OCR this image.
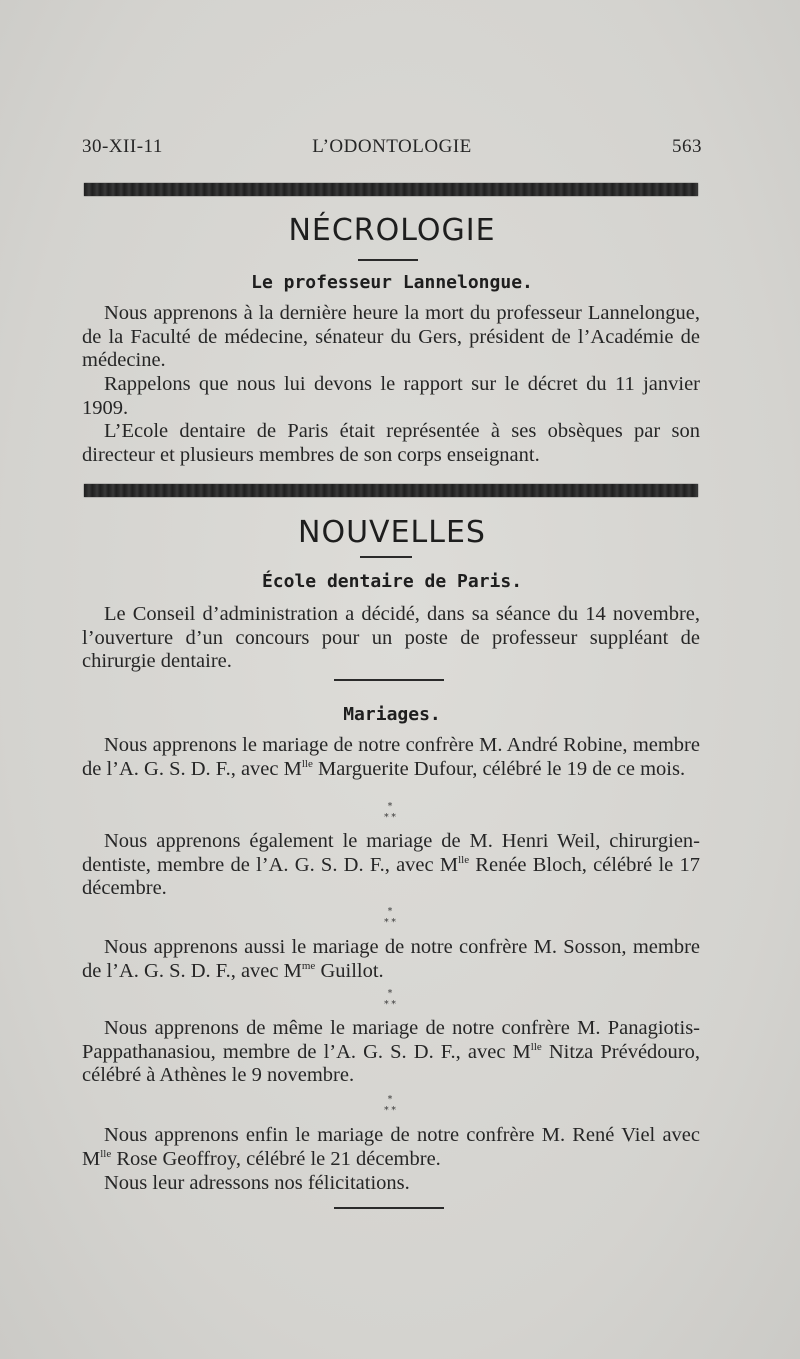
30-XII-11	L’ODONTOLOGIE	563
NÉCROLOGIE
Le professeur Lannelongue.
Nous apprenons à la dernière heure la mort du professeur Lannelongue, de la Faculté de médecine, sénateur du Gers, président de l’Académie de médecine.
Rappelons que nous lui devons le rapport sur le décret du 11 janvier 1909.
L’Ecole dentaire de Paris était représentée à ses obsèques par son directeur et plusieurs membres de son corps enseignant.
NOUVELLES
École dentaire de Paris.
Le Conseil d’administration a décidé, dans sa séance du 14 novembre, l’ouverture d’un concours pour un poste de professeur suppléant de chirurgie dentaire.
Mariages.
Nous apprenons le mariage de notre confrère M. André Robine, membre de l’A. G. S. D. F., avec $M^{lle}$ Marguerite Dufour, célébré le 19 de ce mois.
*
* *
Nous apprenons également le mariage de M. Henri Weil, chirurgien-dentiste, membre de l’A. G. S. D. F., avec $M^{lle}$ Renée Bloch, célébré le 17 décembre.
*
* *
Nous apprenons aussi le mariage de notre confrère M. Sosson, membre de l’A. G. S. D. F., avec $M^{me}$ Guillot.
*
* *
Nous apprenons de même le mariage de notre confrère M. Panagiotis-Pappathanasiou, membre de l’A. G. S. D. F., avec $M^{lle}$ Nitza Prévédouro, célébré à Athènes le 9 novembre.
*
* *
Nous apprenons enfin le mariage de notre confrère M. René Viel avec $M^{lle}$ Rose Geoffroy, célébré le 21 décembre.
Nous leur adressons nos félicitations.
